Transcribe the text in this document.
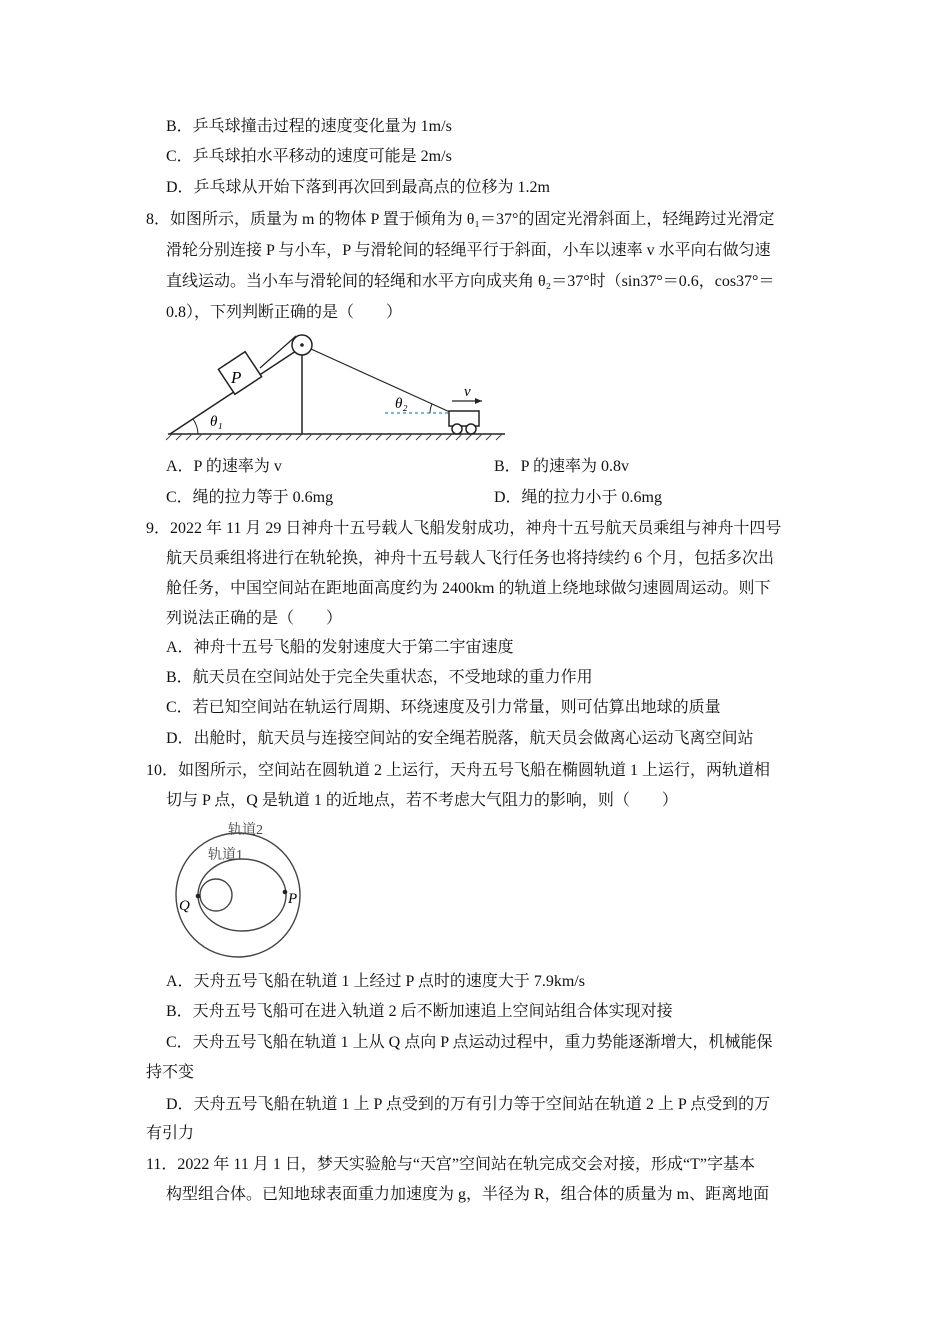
B．乒乓球撞击过程的速度变化量为 1m/s
C．乒乓球拍水平移动的速度可能是 2m/s
D．乒乓球从开始下落到再次回到最高点的位移为 1.2m
8．如图所示，质量为 m 的物体 P 置于倾角为 θ₁＝37°的固定光滑斜面上，轻绳跨过光滑定
滑轮分别连接 P 与小车，P 与滑轮间的轻绳平行于斜面，小车以速率 v 水平向右做匀速
直线运动。当小车与滑轮间的轻绳和水平方向成夹角 θ₂＝37°时（sin37°＝0.6，cos37°＝
0.8），下列判断正确的是（　　）
P
θ₁
θ₂
v
A．P 的速率为 v	B．P 的速率为 0.8v
C．绳的拉力等于 0.6mg	D．绳的拉力小于 0.6mg
9．2022 年 11 月 29 日神舟十五号载人飞船发射成功，神舟十五号航天员乘组与神舟十四号
航天员乘组将进行在轨轮换，神舟十五号载人飞行任务也将持续约 6 个月，包括多次出
舱任务，中国空间站在距地面高度约为 2400km 的轨道上绕地球做匀速圆周运动。则下
列说法正确的是（　　）
A．神舟十五号飞船的发射速度大于第二宇宙速度
B．航天员在空间站处于完全失重状态，不受地球的重力作用
C．若已知空间站在轨运行周期、环绕速度及引力常量，则可估算出地球的质量
D．出舱时，航天员与连接空间站的安全绳若脱落，航天员会做离心运动飞离空间站
10．如图所示，空间站在圆轨道 2 上运行，天舟五号飞船在椭圆轨道 1 上运行，两轨道相
切与 P 点，Q 是轨道 1 的近地点，若不考虑大气阻力的影响，则（　　）
轨道2
轨道1
Q	P
A．天舟五号飞船在轨道 1 上经过 P 点时的速度大于 7.9km/s
B．天舟五号飞船可在进入轨道 2 后不断加速追上空间站组合体实现对接
C．天舟五号飞船在轨道 1 上从 Q 点向 P 点运动过程中，重力势能逐渐增大，机械能保
持不变
D．天舟五号飞船在轨道 1 上 P 点受到的万有引力等于空间站在轨道 2 上 P 点受到的万
有引力
11．2022 年 11 月 1 日，梦天实验舱与“天宫”空间站在轨完成交会对接，形成“T”字基本
构型组合体。已知地球表面重力加速度为 g，半径为 R，组合体的质量为 m、距离地面
